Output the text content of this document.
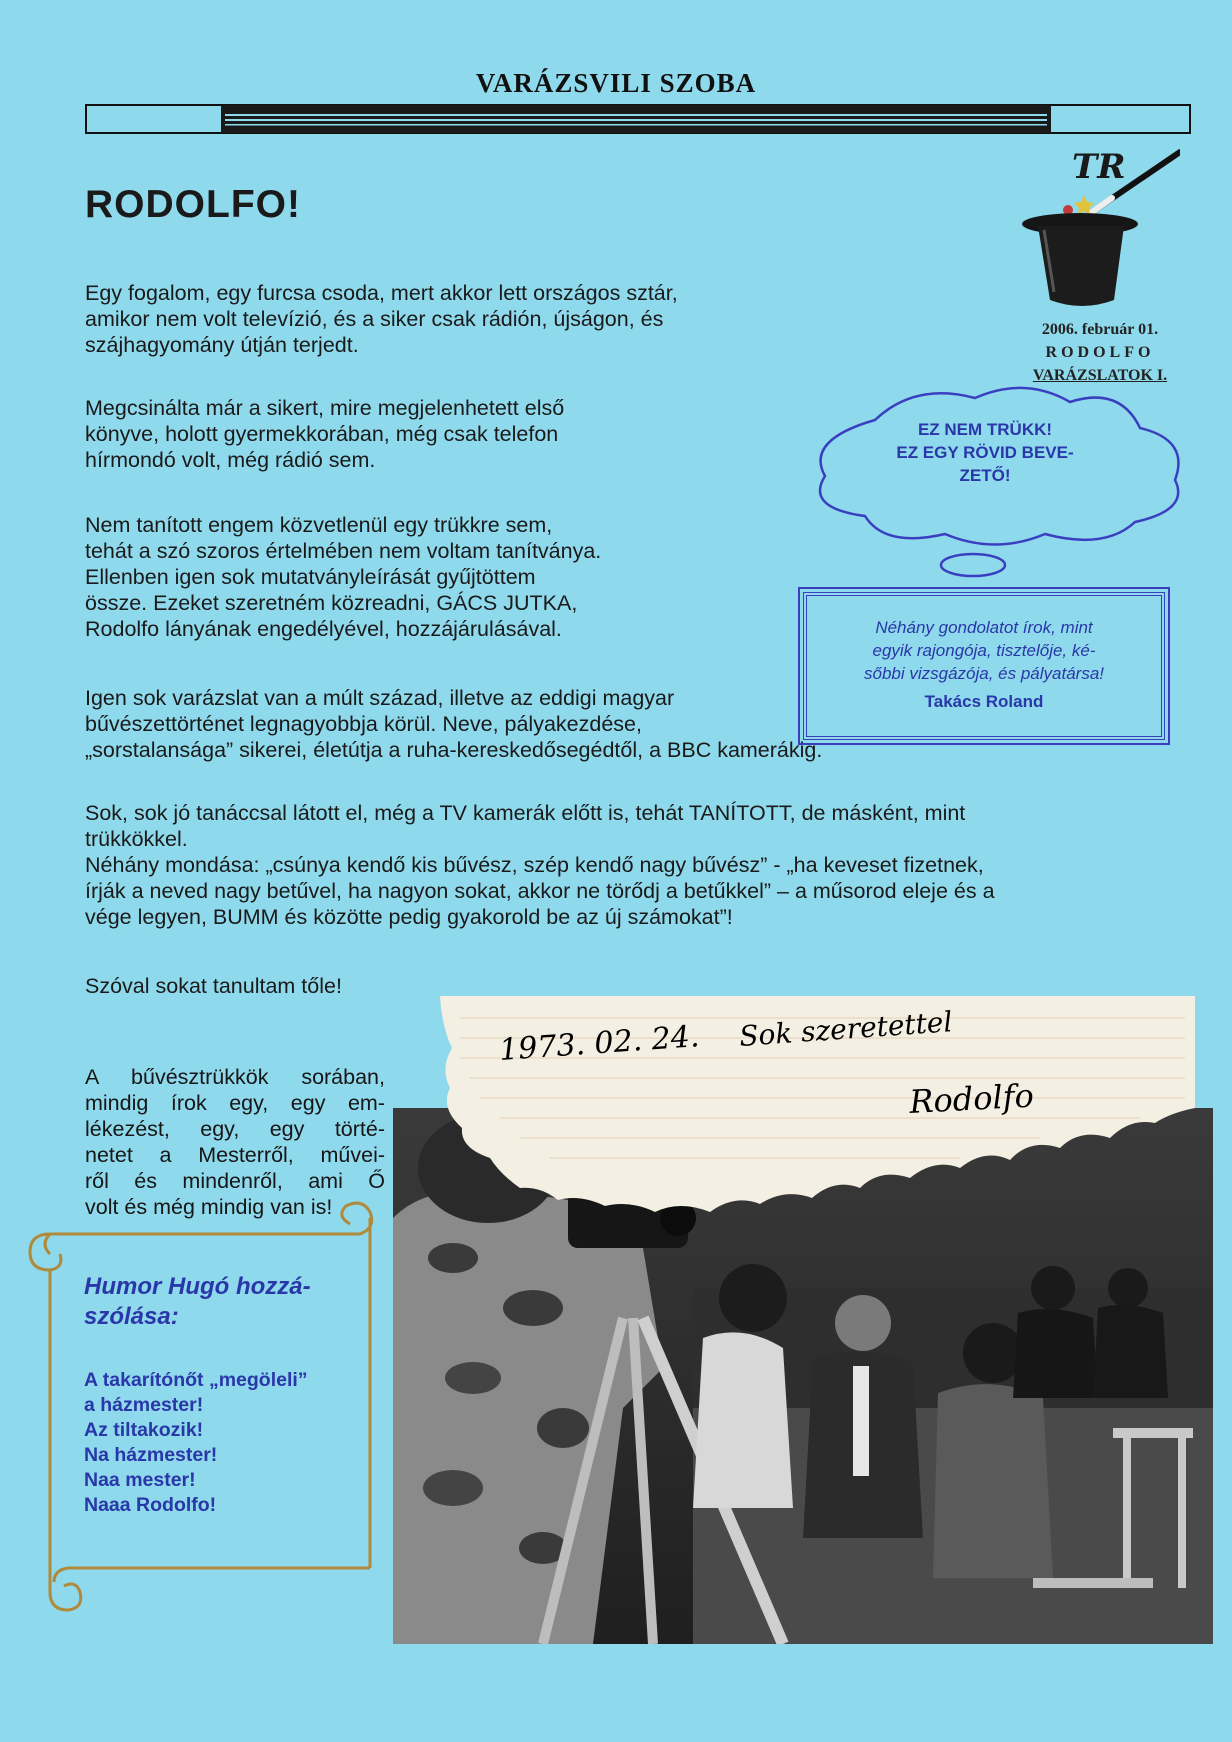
VARÁZSVILI SZOBA
RODOLFO!
Egy fogalom, egy furcsa csoda, mert akkor lett országos sztár,
amikor nem volt televízió, és a siker csak rádión, újságon, és
szájhagyomány útján terjedt.
Megcsinálta már a sikert, mire megjelenhetett első
könyve, holott gyermekkorában, még csak telefon
hírmondó volt, még rádió sem.
Nem tanított engem közvetlenül egy trükkre sem,
tehát a szó szoros értelmében nem voltam tanítványa.
Ellenben igen sok mutatványleírását gyűjtöttem
össze. Ezeket szeretném közreadni, GÁCS JUTKA,
Rodolfo lányának engedélyével, hozzájárulásával.
Igen sok varázslat van a múlt század, illetve az eddigi magyar
bűvészettörténet legnagyobbja körül. Neve, pályakezdése,
„sorstalansága” sikerei, életútja a ruha-kereskedősegédtől, a BBC kamerákig.
Sok, sok jó tanáccsal látott el, még a TV kamerák előtt is, tehát TANÍTOTT, de másként, mint
trükkökkel.
Néhány mondása: „csúnya kendő kis bűvész, szép kendő nagy bűvész” - „ha keveset fizetnek,
írják a neved nagy betűvel, ha nagyon sokat, akkor ne törődj a betűkkel” – a műsorod eleje és a
vége legyen, BUMM és közötte pedig gyakorold be az új számokat”!
Szóval sokat tanultam tőle!
A bűvésztrükkök sorában,
mindig írok egy, egy em-
lékezést, egy, egy törté-
netet a Mesterről, művei-
ről és mindenről, ami Ő
volt és még mindig van is!
TR
2006. február 01.
RODOLFO
VARÁZSLATOK I.
EZ NEM TRÜKK!
EZ EGY RÖVID BEVE-
ZETŐ!
Néhány gondolatot írok, mint
egyik rajongója, tisztelője, ké-
sőbbi vizsgázója, és pályatársa!
Takács Roland
Humor Hugó hozzá-
szólása:
A takarítónőt „megöleli”
a házmester!
Az tiltakozik!
Na házmester!
Naa mester!
Naaa Rodolfo!
1973. 02. 24. Sok szeretettel
Rodolfo
